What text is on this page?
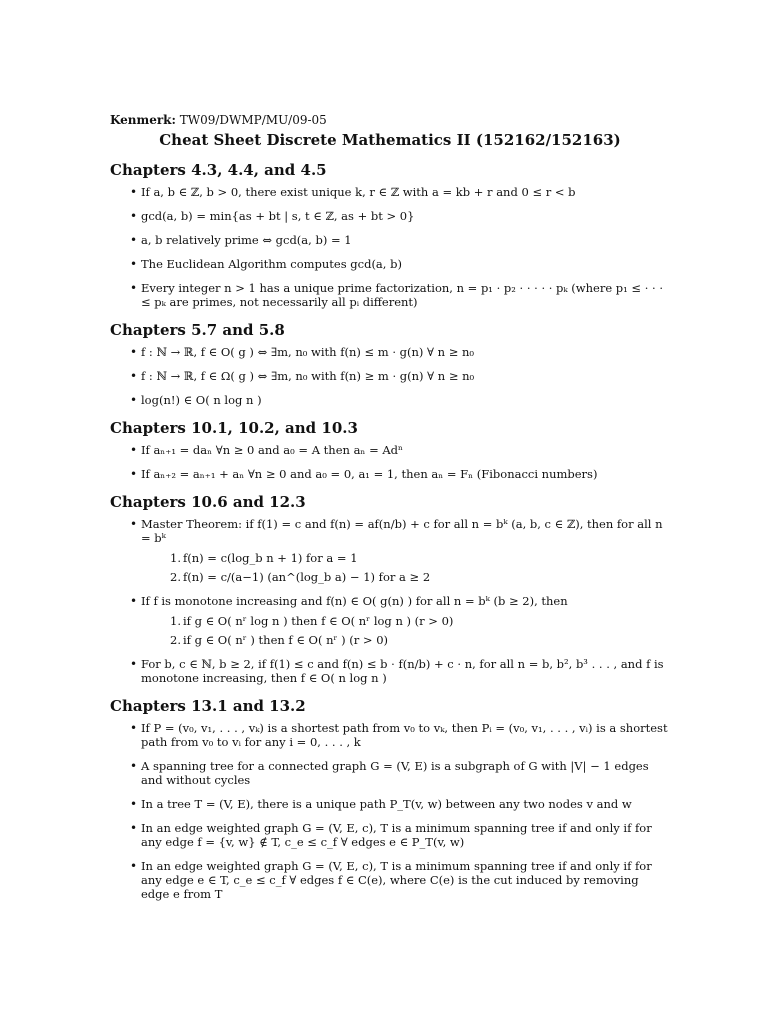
Kenmerk: TW09/DWMP/MU/09-05
Cheat Sheet Discrete Mathematics II (152162/152163)
Chapters 4.3, 4.4, and 4.5
• If a, b ∈ ℤ, b > 0, there exist unique k, r ∈ ℤ with a = kb + r and 0 ≤ r < b
• gcd(a, b) = min{as + bt | s, t ∈ ℤ, as + bt > 0}
• a, b relatively prime ⇔ gcd(a, b) = 1
• The Euclidean Algorithm computes gcd(a, b)
• Every integer n > 1 has a unique prime factorization, n = p₁ · p₂ · · · · · pₖ (where p₁ ≤ · · · ≤ pₖ are primes, not necessarily all pᵢ different)
Chapters 5.7 and 5.8
• f : ℕ → ℝ, f ∈ O( g ) ⇔ ∃m, n₀ with f(n) ≤ m · g(n) ∀ n ≥ n₀
• f : ℕ → ℝ, f ∈ Ω( g ) ⇔ ∃m, n₀ with f(n) ≥ m · g(n) ∀ n ≥ n₀
• log(n!) ∈ O( n log n )
Chapters 10.1, 10.2, and 10.3
• If aₙ₊₁ = daₙ ∀n ≥ 0 and a₀ = A then aₙ = Adⁿ
• If aₙ₊₂ = aₙ₊₁ + aₙ ∀n ≥ 0 and a₀ = 0, a₁ = 1, then aₙ = Fₙ (Fibonacci numbers)
Chapters 10.6 and 12.3
• Master Theorem: if f(1) = c and f(n) = af(n/b) + c for all n = bᵏ (a, b, c ∈ ℤ), then for all n = bᵏ
1. f(n) = c(log_b n + 1) for a = 1
2. f(n) = c/(a−1) (an^(log_b a) − 1) for a ≥ 2
• If f is monotone increasing and f(n) ∈ O( g(n) ) for all n = bᵏ (b ≥ 2), then
1. if g ∈ O( nʳ log n ) then f ∈ O( nʳ log n ) (r > 0)
2. if g ∈ O( nʳ ) then f ∈ O( nʳ ) (r > 0)
• For b, c ∈ ℕ, b ≥ 2, if f(1) ≤ c and f(n) ≤ b · f(n/b) + c · n, for all n = b, b², b³ . . . , and f is monotone increasing, then f ∈ O( n log n )
Chapters 13.1 and 13.2
• If P = (v₀, v₁, . . . , vₖ) is a shortest path from v₀ to vₖ, then Pᵢ = (v₀, v₁, . . . , vᵢ) is a shortest path from v₀ to vᵢ for any i = 0, . . . , k
• A spanning tree for a connected graph G = (V, E) is a subgraph of G with |V| − 1 edges and without cycles
• In a tree T = (V, E), there is a unique path P_T(v, w) between any two nodes v and w
• In an edge weighted graph G = (V, E, c), T is a minimum spanning tree if and only if for any edge f = {v, w} ∉ T, c_e ≤ c_f ∀ edges e ∈ P_T(v, w)
• In an edge weighted graph G = (V, E, c), T is a minimum spanning tree if and only if for any edge e ∈ T, c_e ≤ c_f ∀ edges f ∈ C(e), where C(e) is the cut induced by removing edge e from T
